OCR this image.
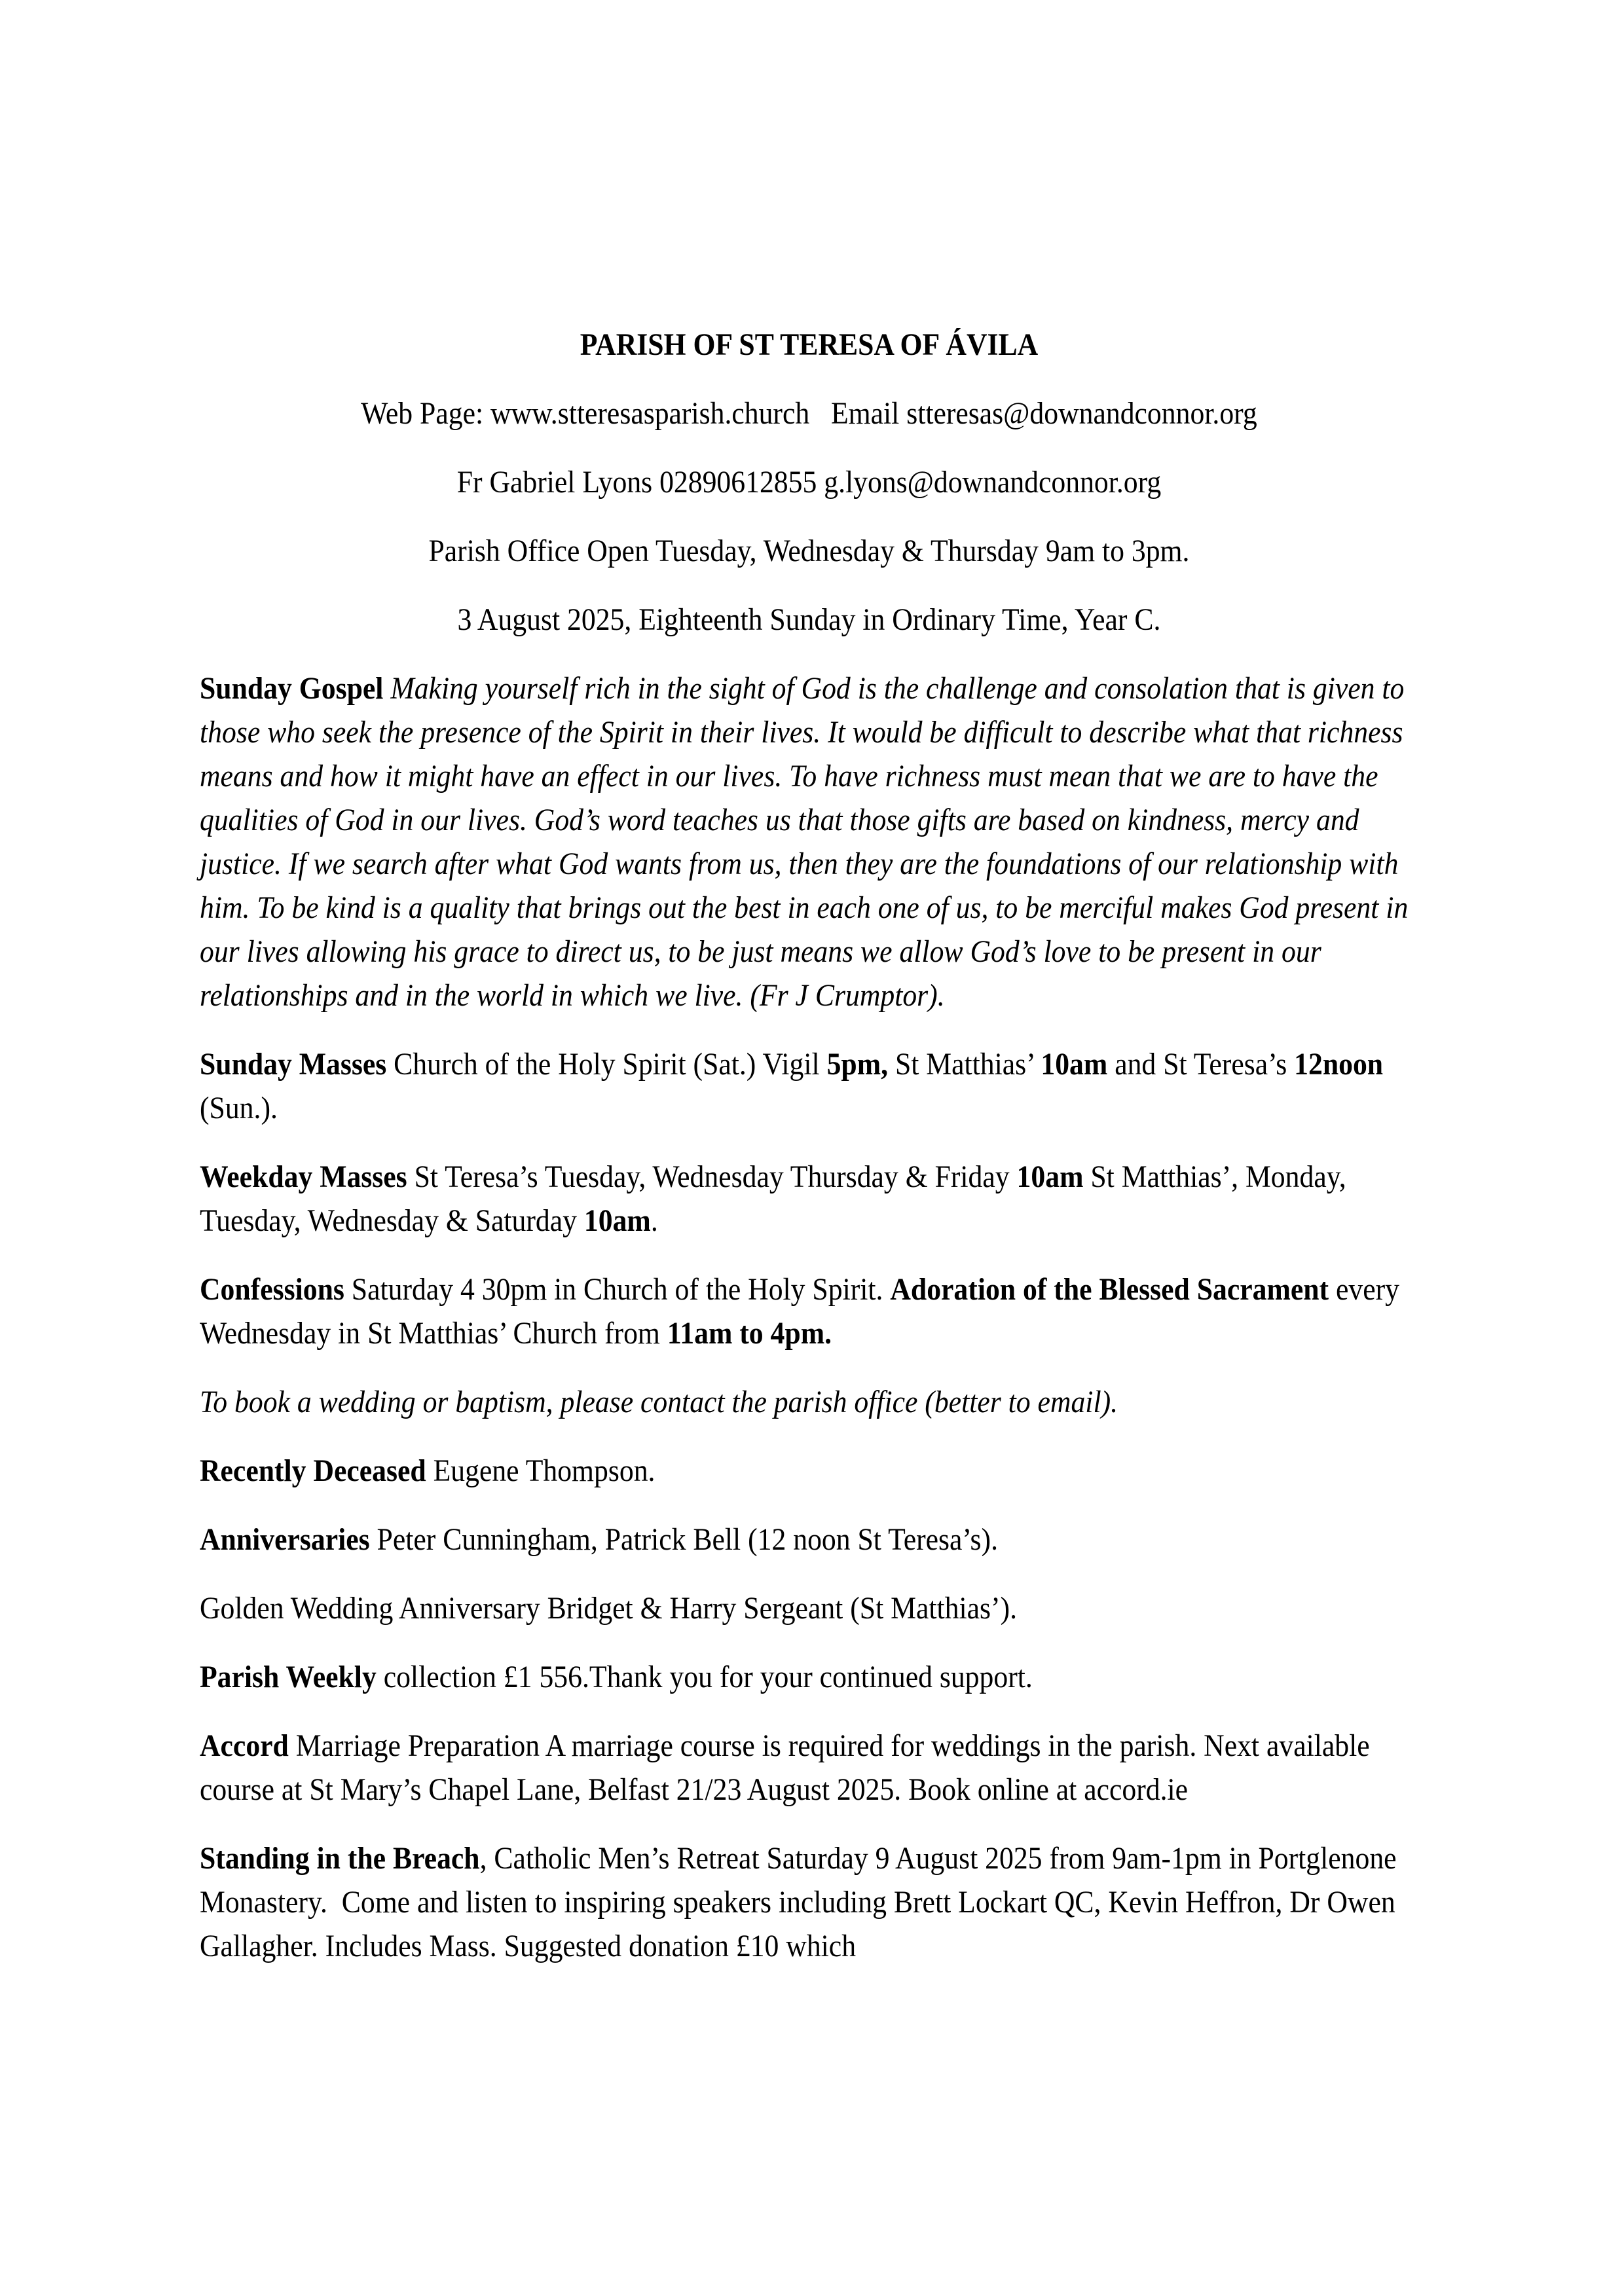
PARISH OF ST TERESA OF ÁVILA

Web Page: www.stteresasparish.church   Email stteresas@downandconnor.org

Fr Gabriel Lyons 02890612855 g.lyons@downandconnor.org

Parish Office Open Tuesday, Wednesday & Thursday 9am to 3pm.

3 August 2025, Eighteenth Sunday in Ordinary Time, Year C.

Sunday Gospel Making yourself rich in the sight of God is the challenge and consolation that is given to those who seek the presence of the Spirit in their lives. It would be difficult to describe what that richness means and how it might have an effect in our lives. To have richness must mean that we are to have the qualities of God in our lives. God’s word teaches us that those gifts are based on kindness, mercy and justice. If we search after what God wants from us, then they are the foundations of our relationship with him. To be kind is a quality that brings out the best in each one of us, to be merciful makes God present in our lives allowing his grace to direct us, to be just means we allow God’s love to be present in our relationships and in the world in which we live. (Fr J Crumptor).

Sunday Masses Church of the Holy Spirit (Sat.) Vigil 5pm, St Matthias’ 10am and St Teresa’s 12noon (Sun.).

Weekday Masses St Teresa’s Tuesday, Wednesday Thursday & Friday 10am St Matthias’, Monday, Tuesday, Wednesday & Saturday 10am.

Confessions Saturday 4 30pm in Church of the Holy Spirit. Adoration of the Blessed Sacrament every Wednesday in St Matthias’ Church from 11am to 4pm.

To book a wedding or baptism, please contact the parish office (better to email).

Recently Deceased Eugene Thompson.

Anniversaries Peter Cunningham, Patrick Bell (12 noon St Teresa’s).

Golden Wedding Anniversary Bridget & Harry Sergeant (St Matthias’).

Parish Weekly collection £1 556.Thank you for your continued support.

Accord Marriage Preparation A marriage course is required for weddings in the parish. Next available course at St Mary’s Chapel Lane, Belfast 21/23 August 2025. Book online at accord.ie

Standing in the Breach, Catholic Men’s Retreat Saturday 9 August 2025 from 9am-1pm in Portglenone Monastery.  Come and listen to inspiring speakers including Brett Lockart QC, Kevin Heffron, Dr Owen Gallagher. Includes Mass. Suggested donation £10 which
